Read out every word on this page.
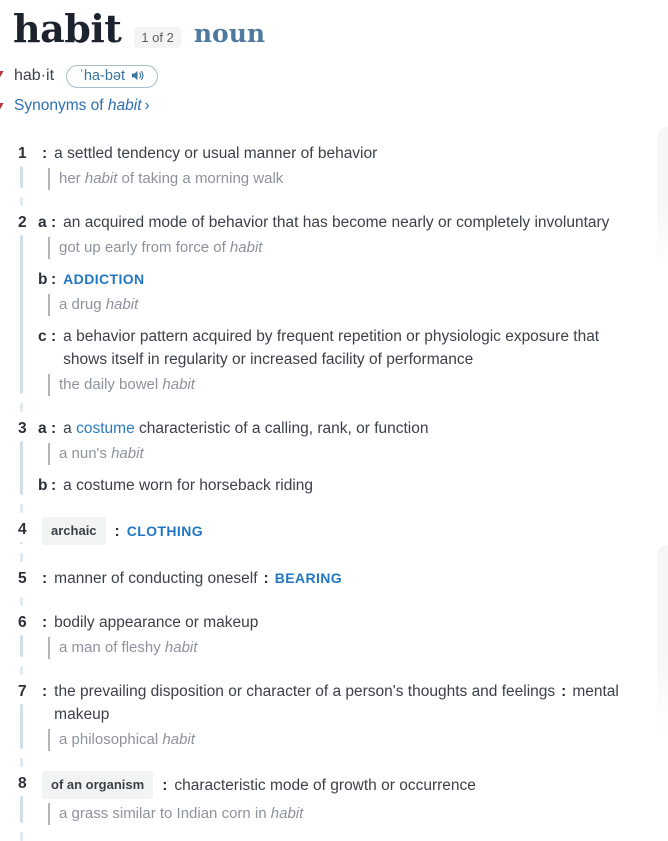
habit	1 of 2 noun
hab·it ˈha-bət
Synonyms of habit ›
1. 1 : a settled tendency or usual manner of behavior
her habit of taking a morning walk
2. 2 a : an acquired mode of behavior that has become nearly or completely involuntary
got up early from force of habit
b : ADDICTION
a drug habit
c : a behavior pattern acquired by frequent repetition or physiologic exposure that shows itself in regularity or increased facility of performance
the daily bowel habit
3. 3 a : a costume characteristic of a calling, rank, or function
a nun's habit
b : a costume worn for horseback riding
4. 4	archaic	: CLOTHING
5. 5 : manner of conducting oneself : BEARING
6. 6 : bodily appearance or makeup
a man of fleshy habit
7. 7 : the prevailing disposition or character of a person's thoughts and feelings : mental makeup
a philosophical habit
8. 8	of an organism	: characteristic mode of growth or occurrence
a grass similar to Indian corn in habit
